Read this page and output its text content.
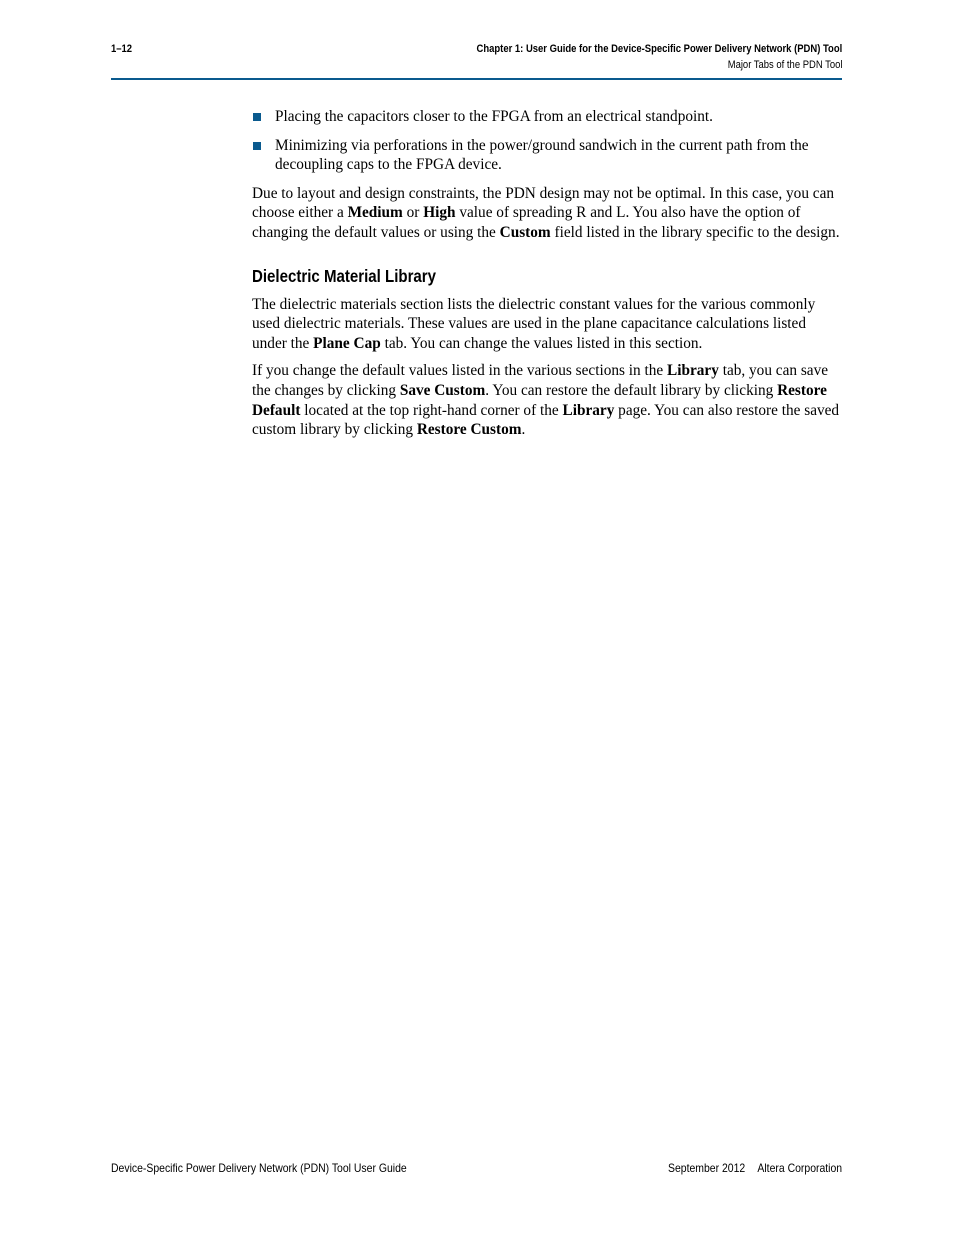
1–12	Chapter 1: User Guide for the Device-Specific Power Delivery Network (PDN) Tool
Major Tabs of the PDN Tool
Placing the capacitors closer to the FPGA from an electrical standpoint.
Minimizing via perforations in the power/ground sandwich in the current path from the decoupling caps to the FPGA device.

Due to layout and design constraints, the PDN design may not be optimal. In this case, you can choose either a Medium or High value of spreading R and L. You also have the option of changing the default values or using the Custom field listed in the library specific to the design.

Dielectric Material Library

The dielectric materials section lists the dielectric constant values for the various commonly used dielectric materials. These values are used in the plane capacitance calculations listed under the Plane Cap tab. You can change the values listed in this section.

If you change the default values listed in the various sections in the Library tab, you can save the changes by clicking Save Custom. You can restore the default library by clicking Restore Default located at the top right-hand corner of the Library page. You can also restore the saved custom library by clicking Restore Custom.

Device-Specific Power Delivery Network (PDN) Tool User Guide	September 2012 Altera Corporation
